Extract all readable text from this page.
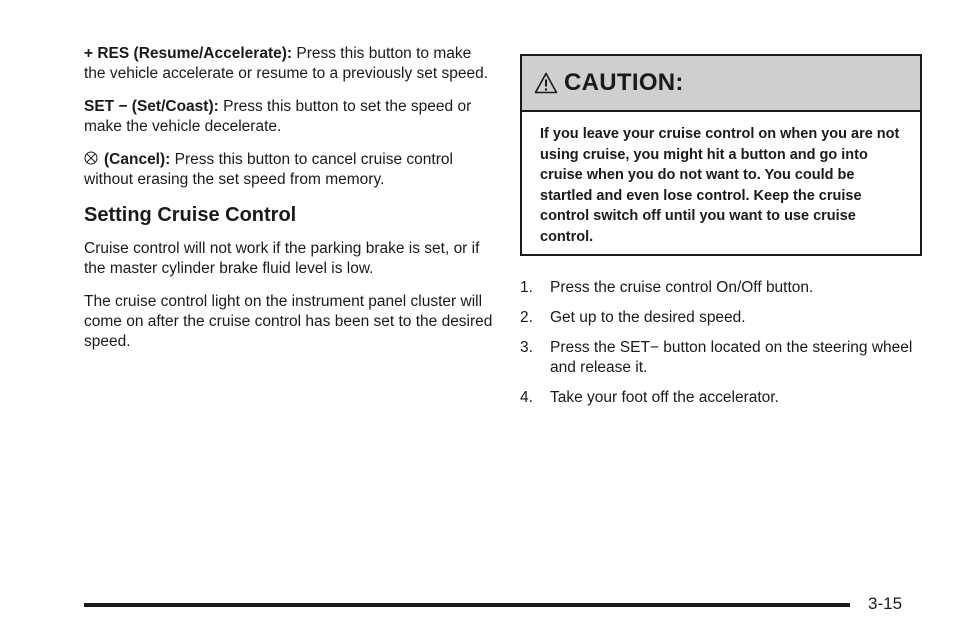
+ RES (Resume/Accelerate): Press this button to make the vehicle accelerate or resume to a previously set speed.

SET − (Set/Coast): Press this button to set the speed or make the vehicle decelerate.

(Cancel): Press this button to cancel cruise control without erasing the set speed from memory.

Setting Cruise Control

Cruise control will not work if the parking brake is set, or if the master cylinder brake fluid level is low.

The cruise control light on the instrument panel cluster will come on after the cruise control has been set to the desired speed.

CAUTION:
If you leave your cruise control on when you are not using cruise, you might hit a button and go into cruise when you do not want to. You could be startled and even lose control. Keep the cruise control switch off until you want to use cruise control.
1.	Press the cruise control On/Off button.
2.	Get up to the desired speed.
3.	Press the SET− button located on the steering wheel and release it.
4.	Take your foot off the accelerator.
3-15
